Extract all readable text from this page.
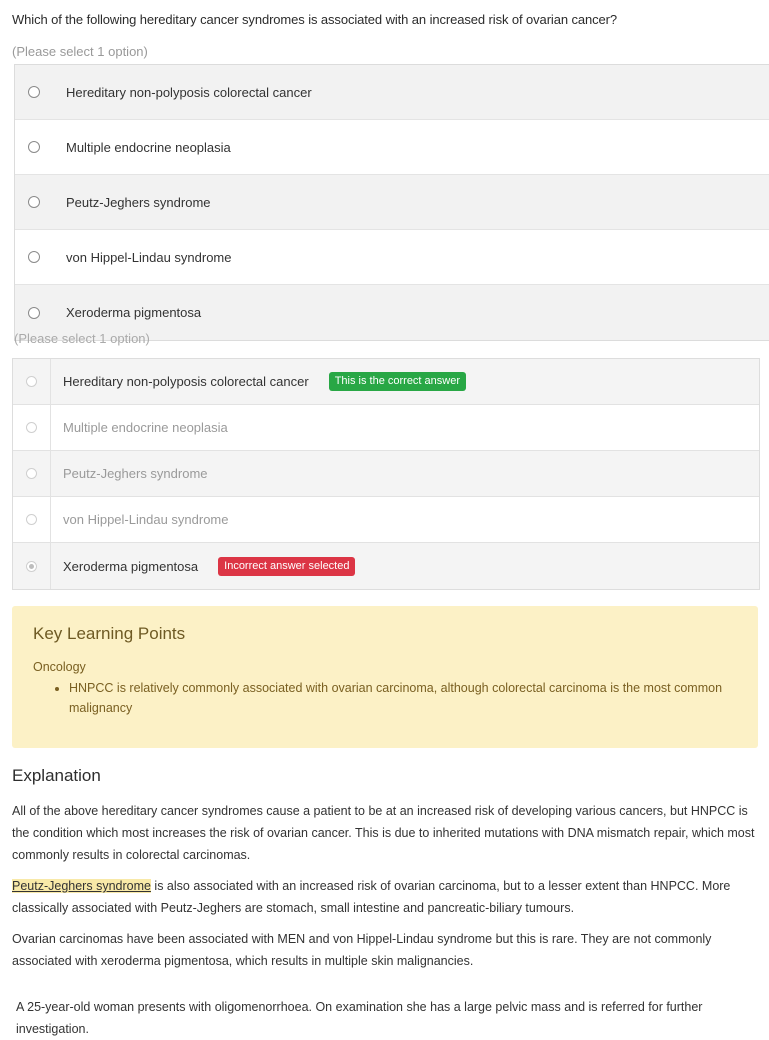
Which of the following hereditary cancer syndromes is associated with an increased risk of ovarian cancer?
(Please select 1 option)
Hereditary non-polyposis colorectal cancer
Multiple endocrine neoplasia
Peutz-Jeghers syndrome
von Hippel-Lindau syndrome
Xeroderma pigmentosa
(Please select 1 option)
Hereditary non-polyposis colorectal cancer	This is the correct answer
Multiple endocrine neoplasia
Peutz-Jeghers syndrome
von Hippel-Lindau syndrome
Xeroderma pigmentosa	Incorrect answer selected
Key Learning Points
Oncology
• HNPCC is relatively commonly associated with ovarian carcinoma, although colorectal carcinoma is the most common malignancy
Explanation

All of the above hereditary cancer syndromes cause a patient to be at an increased risk of developing various cancers, but HNPCC is the condition which most increases the risk of ovarian cancer. This is due to inherited mutations with DNA mismatch repair, which most commonly results in colorectal carcinomas.

Peutz-Jeghers syndrome is also associated with an increased risk of ovarian carcinoma, but to a lesser extent than HNPCC. More classically associated with Peutz-Jeghers are stomach, small intestine and pancreatic-biliary tumours.

Ovarian carcinomas have been associated with MEN and von Hippel-Lindau syndrome but this is rare. They are not commonly associated with xeroderma pigmentosa, which results in multiple skin malignancies.

A 25-year-old woman presents with oligomenorrhoea. On examination she has a large pelvic mass and is referred for further investigation.
